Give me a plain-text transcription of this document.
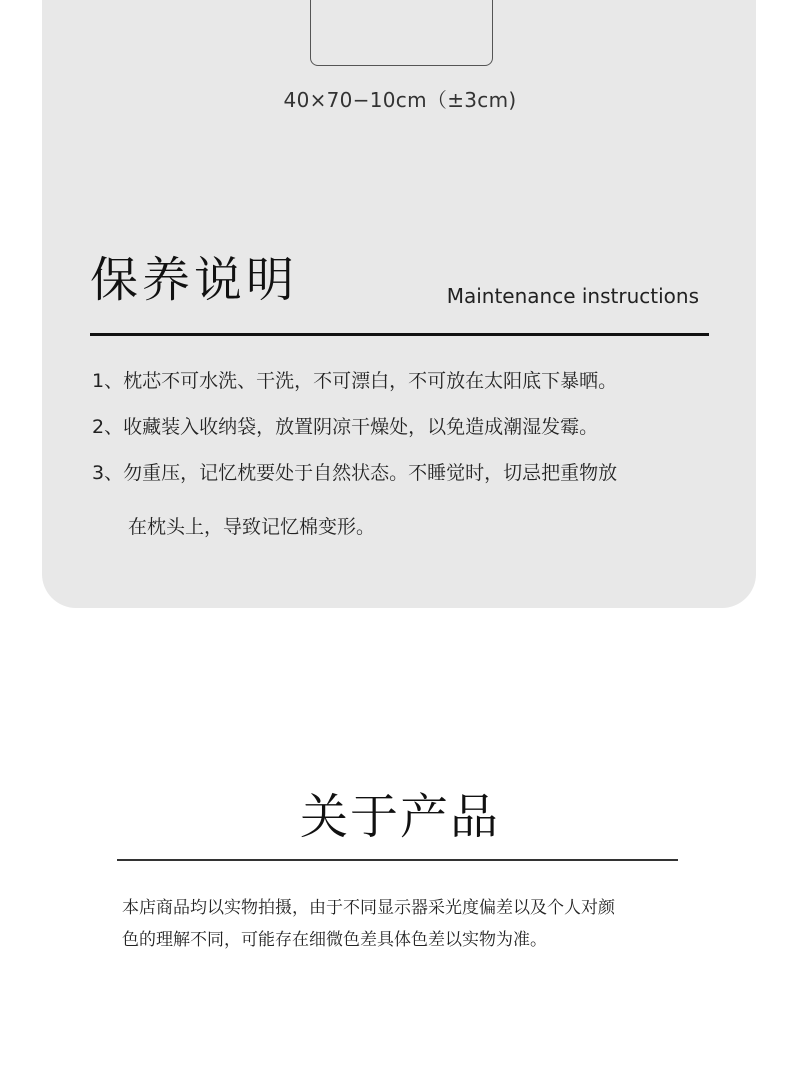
40×70−10cm（±3cm)
保养说明	Maintenance instructions
1、枕芯不可水洗、干洗，不可漂白，不可放在太阳底下暴晒。
2、收藏装入收纳袋，放置阴凉干燥处，以免造成潮湿发霉。
3、勿重压，记忆枕要处于自然状态。不睡觉时，切忌把重物放
在枕头上，导致记忆棉变形。
关于产品
本店商品均以实物拍摄，由于不同显示器采光度偏差以及个人对颜
色的理解不同，可能存在细微色差具体色差以实物为准。
